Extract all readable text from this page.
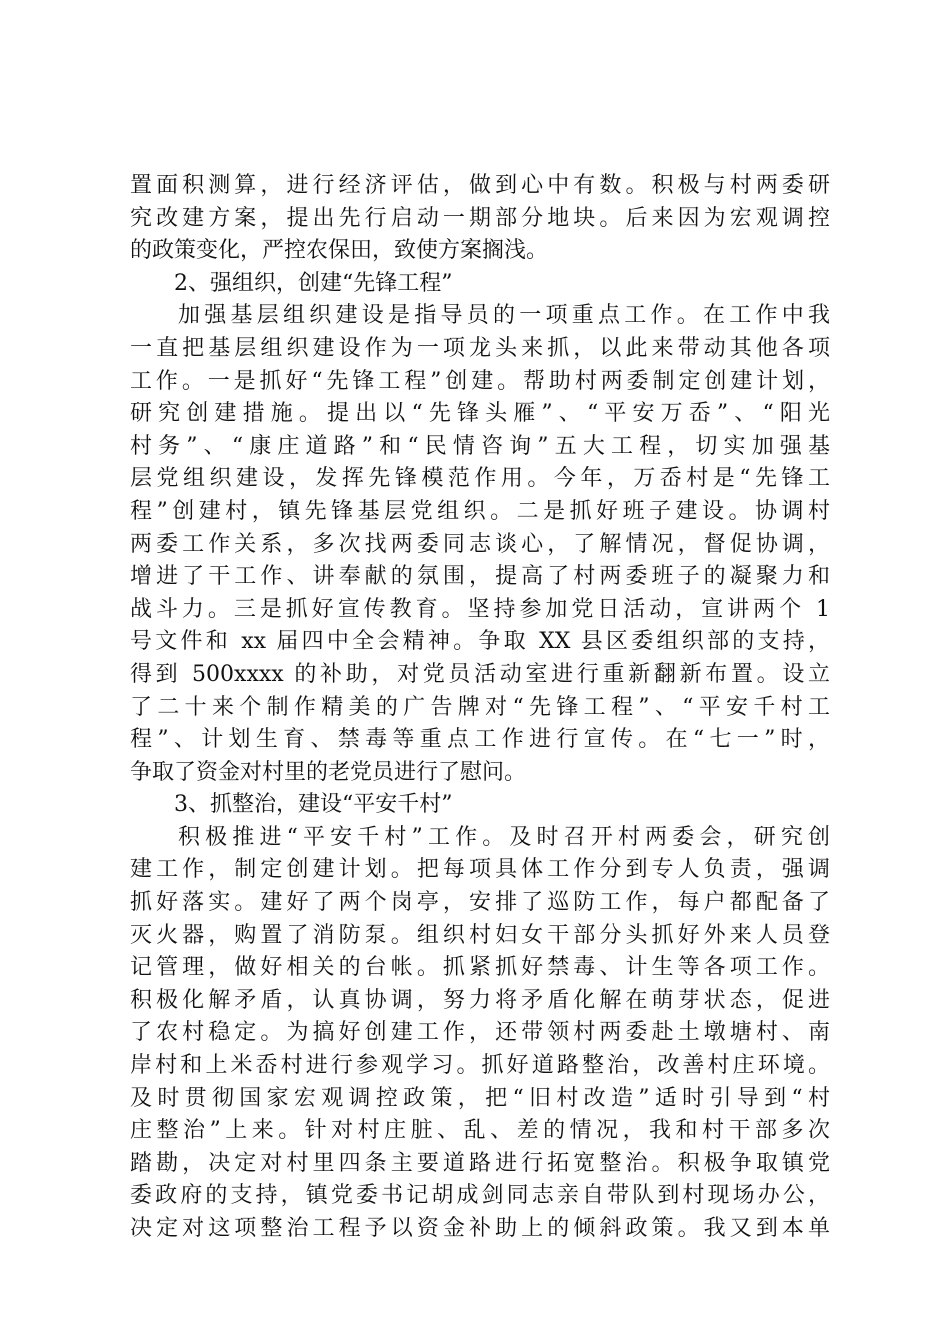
置面积测算，进行经济评估，做到心中有数。积极与村两委研
究改建方案，提出先行启动一期部分地块。后来因为宏观调控
的政策变化，严控农保田，致使方案搁浅。
2、强组织，创建“先锋工程”
加强基层组织建设是指导员的一项重点工作。在工作中我
一直把基层组织建设作为一项龙头来抓，以此来带动其他各项
工作。一是抓好“先锋工程”创建。帮助村两委制定创建计划，
研究创建措施。提出以“先锋头雁”、“平安万岙”、“阳光
村务”、“康庄道路”和“民情咨询”五大工程，切实加强基
层党组织建设，发挥先锋模范作用。今年，万岙村是“先锋工
程”创建村，镇先锋基层党组织。二是抓好班子建设。协调村
两委工作关系，多次找两委同志谈心，了解情况，督促协调，
增进了干工作、讲奉献的氛围，提高了村两委班子的凝聚力和
战斗力。三是抓好宣传教育。坚持参加党日活动，宣讲两个 1
号文件和 xx 届四中全会精神。争取 XX 县区委组织部的支持，
得到 500xxxx 的补助，对党员活动室进行重新翻新布置。设立
了二十来个制作精美的广告牌对“先锋工程”、“平安千村工
程”、计划生育、禁毒等重点工作进行宣传。在“七一”时，
争取了资金对村里的老党员进行了慰问。
3、抓整治，建设“平安千村”
积极推进“平安千村”工作。及时召开村两委会，研究创
建工作，制定创建计划。把每项具体工作分到专人负责，强调
抓好落实。建好了两个岗亭，安排了巡防工作，每户都配备了
灭火器，购置了消防泵。组织村妇女干部分头抓好外来人员登
记管理，做好相关的台帐。抓紧抓好禁毒、计生等各项工作。
积极化解矛盾，认真协调，努力将矛盾化解在萌芽状态，促进
了农村稳定。为搞好创建工作，还带领村两委赴土墩塘村、南
岸村和上米岙村进行参观学习。抓好道路整治，改善村庄环境。
及时贯彻国家宏观调控政策，把“旧村改造”适时引导到“村
庄整治”上来。针对村庄脏、乱、差的情况，我和村干部多次
踏勘，决定对村里四条主要道路进行拓宽整治。积极争取镇党
委政府的支持，镇党委书记胡成剑同志亲自带队到村现场办公，
决定对这项整治工程予以资金补助上的倾斜政策。我又到本单
